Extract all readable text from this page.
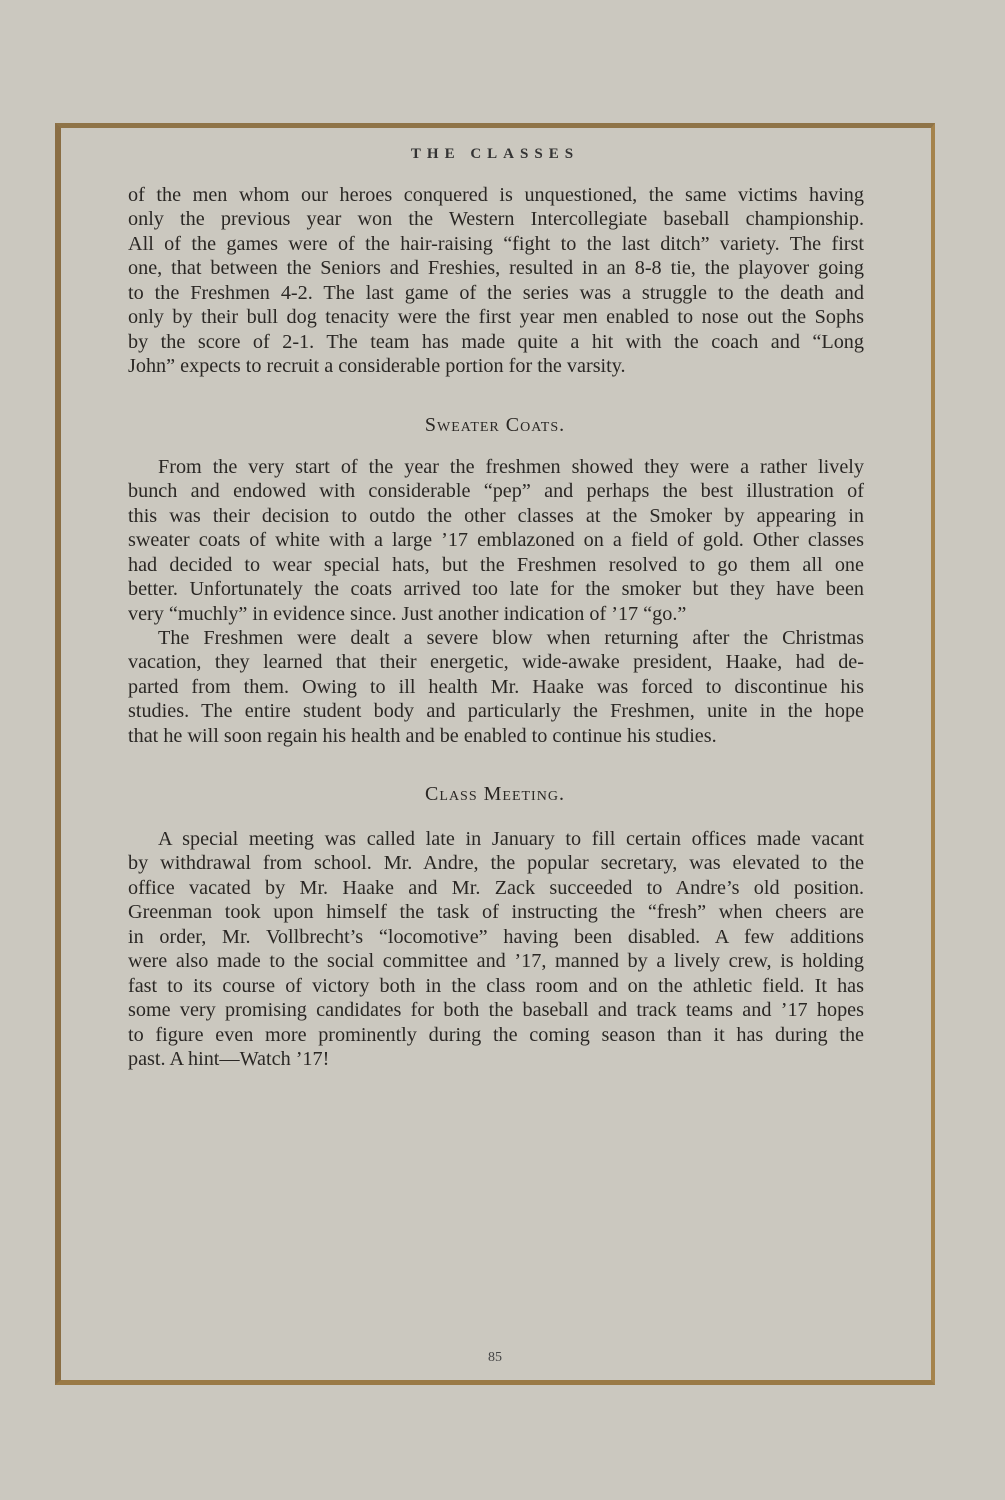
THE CLASSES
of the men whom our heroes conquered is unquestioned, the same victims having
only the previous year won the Western Intercollegiate baseball championship.
All of the games were of the hair-raising “fight to the last ditch” variety. The first
one, that between the Seniors and Freshies, resulted in an 8-8 tie, the playover going
to the Freshmen 4-2. The last game of the series was a struggle to the death and
only by their bull dog tenacity were the first year men enabled to nose out the Sophs
by the score of 2-1. The team has made quite a hit with the coach and “Long
John” expects to recruit a considerable portion for the varsity.
Sweater Coats.
From the very start of the year the freshmen showed they were a rather lively
bunch and endowed with considerable “pep” and perhaps the best illustration of
this was their decision to outdo the other classes at the Smoker by appearing in
sweater coats of white with a large ’17 emblazoned on a field of gold. Other classes
had decided to wear special hats, but the Freshmen resolved to go them all one
better. Unfortunately the coats arrived too late for the smoker but they have been
very “muchly” in evidence since. Just another indication of ’17 “go.”
The Freshmen were dealt a severe blow when returning after the Christmas
vacation, they learned that their energetic, wide-awake president, Haake, had de-
parted from them. Owing to ill health Mr. Haake was forced to discontinue his
studies. The entire student body and particularly the Freshmen, unite in the hope
that he will soon regain his health and be enabled to continue his studies.
Class Meeting.
A special meeting was called late in January to fill certain offices made vacant
by withdrawal from school. Mr. Andre, the popular secretary, was elevated to the
office vacated by Mr. Haake and Mr. Zack succeeded to Andre’s old position.
Greenman took upon himself the task of instructing the “fresh” when cheers are
in order, Mr. Vollbrecht’s “locomotive” having been disabled. A few additions
were also made to the social committee and ’17, manned by a lively crew, is holding
fast to its course of victory both in the class room and on the athletic field. It has
some very promising candidates for both the baseball and track teams and ’17 hopes
to figure even more prominently during the coming season than it has during the
past. A hint—Watch ’17!
85
